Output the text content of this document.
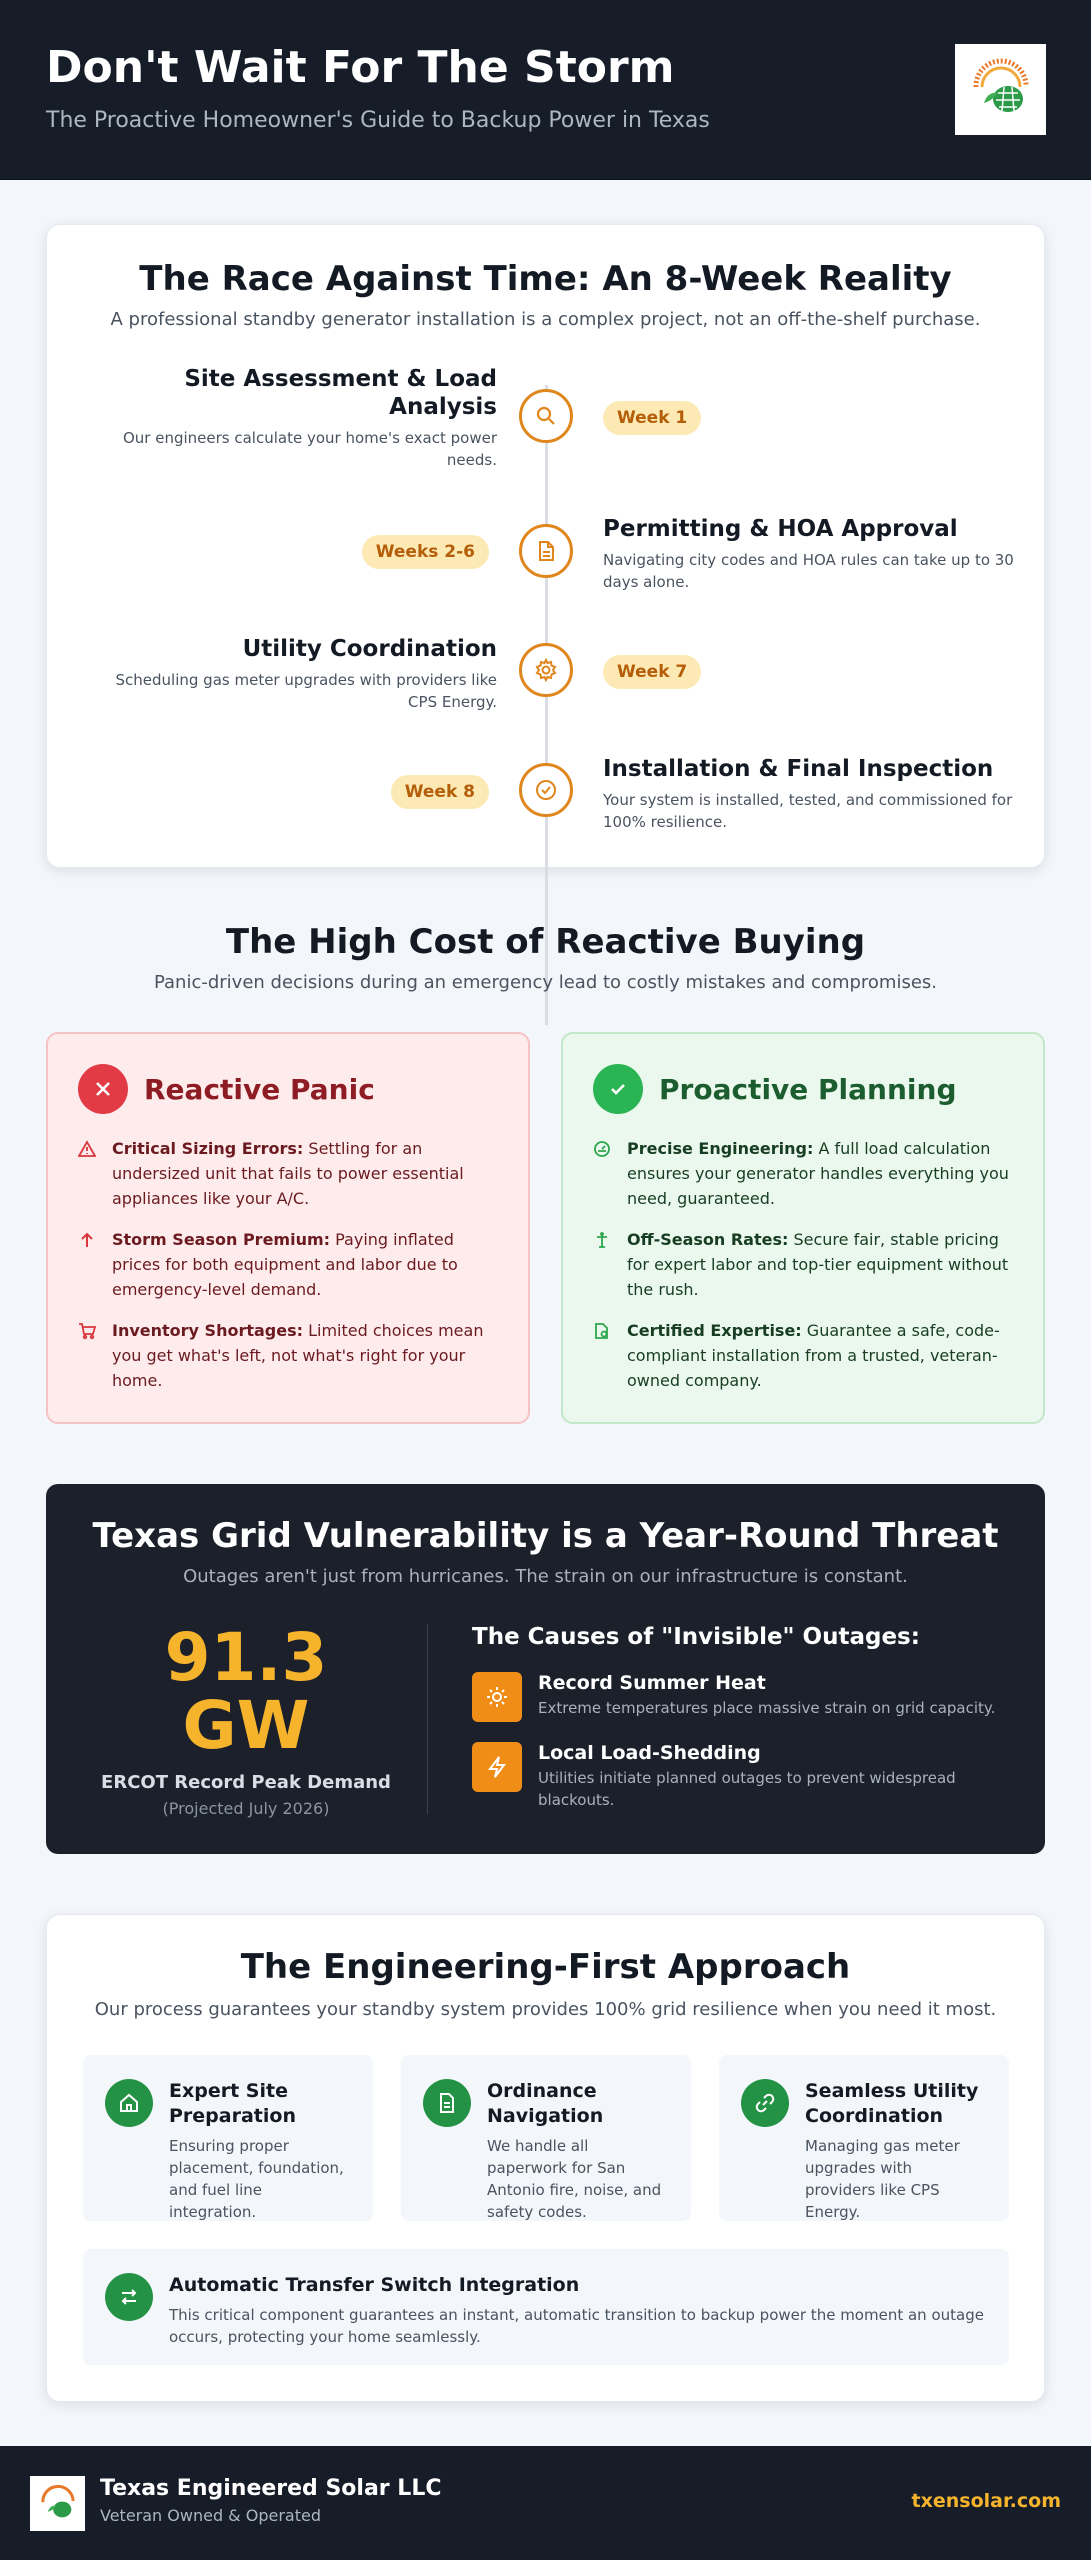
Don't Wait For The Storm
The Proactive Homeowner's Guide to Backup Power in Texas
The Race Against Time: An 8-Week Reality
A professional standby generator installation is a complex project, not an off-the-shelf purchase.
Site Assessment & Load Analysis
Our engineers calculate your home's exact power needs.
Week 1
Permitting & HOA Approval
Navigating city codes and HOA rules can take up to 30 days alone.
Weeks 2-6
Utility Coordination
Scheduling gas meter upgrades with providers like CPS Energy.
Week 7
Installation & Final Inspection
Your system is installed, tested, and commissioned for 100% resilience.
Week 8
The High Cost of Reactive Buying
Panic-driven decisions during an emergency lead to costly mistakes and compromises.
Reactive Panic

Critical Sizing Errors: Settling for an undersized unit that fails to power essential appliances like your A/C.

Storm Season Premium: Paying inflated prices for both equipment and labor due to emergency-level demand.

Inventory Shortages: Limited choices mean you get what's left, not what's right for your home.

Proactive Planning

Precise Engineering: A full load calculation ensures your generator handles everything you need, guaranteed.

Off-Season Rates: Secure fair, stable pricing for expert labor and top-tier equipment without the rush.

Certified Expertise: Guarantee a safe, code-compliant installation from a trusted, veteran-owned company.

Texas Grid Vulnerability is a Year-Round Threat
Outages aren't just from hurricanes. The strain on our infrastructure is constant.
91.3
GW
ERCOT Record Peak Demand
(Projected July 2026)
The Causes of "Invisible" Outages:
Record Summer Heat
Extreme temperatures place massive strain on grid capacity.
Local Load-Shedding
Utilities initiate planned outages to prevent widespread blackouts.
The Engineering-First Approach
Our process guarantees your standby system provides 100% grid resilience when you need it most.
Expert Site Preparation
Ensuring proper placement, foundation, and fuel line integration.
Ordinance Navigation
We handle all paperwork for San Antonio fire, noise, and safety codes.
Seamless Utility Coordination
Managing gas meter upgrades with providers like CPS Energy.
Automatic Transfer Switch Integration
This critical component guarantees an instant, automatic transition to backup power the moment an outage occurs, protecting your home seamlessly.
Texas Engineered Solar LLC
Veteran Owned & Operated
txensolar.com
